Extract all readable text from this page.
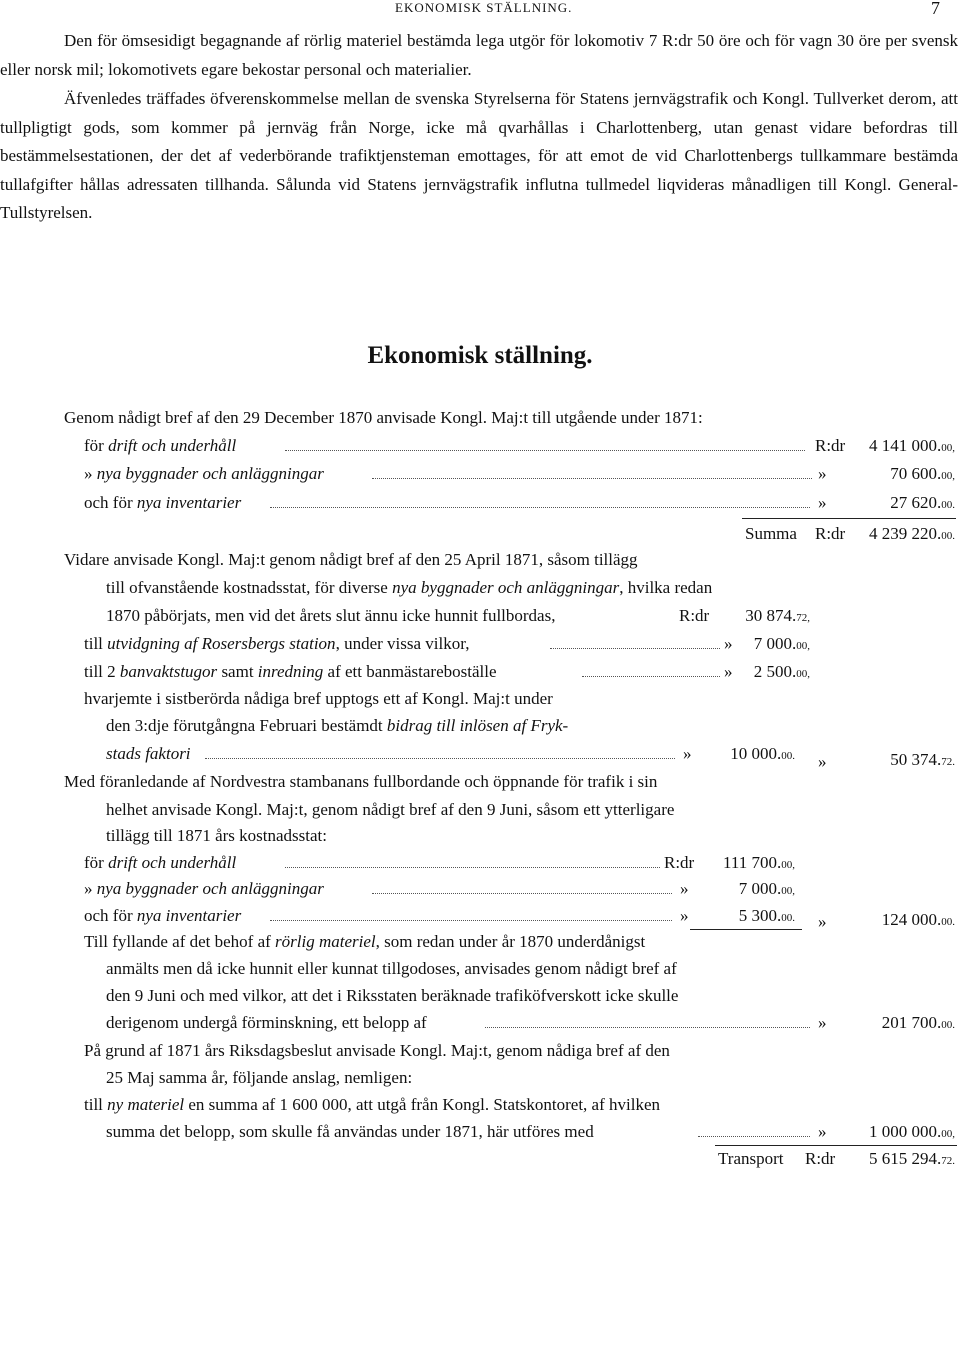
EKONOMISK STÄLLNING.	7

Den för ömsesidigt begagnande af rörlig materiel bestämda lega utgör för lokomotiv 7 R:dr 50 öre och för vagn 30 öre per svensk eller norsk mil; lokomotivets egare bekostar personal och materialier.

Äfvenledes träffades öfverenskommelse mellan de svenska Styrelserna för Statens jernvägstrafik och Kongl. Tullverket derom, att tullpligtigt gods, som kommer på jernväg från Norge, icke må qvarhållas i Charlottenberg, utan genast vidare befordras till bestämmelsestationen, der det af vederbörande trafiktjensteman emottages, för att emot de vid Charlottenbergs tullkammare bestämda tullafgifter hållas adressaten tillhanda. Sålunda vid Statens jernvägstrafik influtna tullmedel liqvideras månadligen till Kongl. General-Tullstyrelsen.

Ekonomisk ställning.
Genom nådigt bref af den 29 December 1870 anvisade Kongl. Maj:t till utgående under 1871:
för drift och underhåll	R:dr 4 141 000.00,
» nya byggnader och anläggningar	»	70 600.00,
och för nya inventarier	»	27 620.00.
Summa R:dr 4 239 220.00.
Vidare anvisade Kongl. Maj:t genom nådigt bref af den 25 April 1871, såsom tillägg
till ofvanstående kostnadsstat, för diverse nya byggnader och anläggningar, hvilka redan
1870 påbörjats, men vid det årets slut ännu icke hunnit fullbordas,	R:dr 30 874.72,
till utvidgning af Rosersbergs station, under vissa vilkor,	» 7 000.00,
till 2 banvaktstugor samt inredning af ett banmästareboställe	» 2 500.00,
hvarjemte i sistberörda nådiga bref upptogs ett af Kongl. Maj:t under
den 3:dje förutgångna Februari bestämdt bidrag till inlösen af Fryk-
stads faktori	» 10 000.00. »	50 374.72.
Med föranledande af Nordvestra stambanans fullbordande och öppnande för trafik i sin
helhet anvisade Kongl. Maj:t, genom nådigt bref af den 9 Juni, såsom ett ytterligare
tillägg till 1871 års kostnadsstat:
för drift och underhåll	R:dr 111 700.00,
» nya byggnader och anläggningar	»	7 000.00,
och för nya inventarier	»	5 300.00. »	124 000.00.
Till fyllande af det behof af rörlig materiel, som redan under år 1870 underdånigst
anmälts men då icke hunnit eller kunnat tillgodoses, anvisades genom nådigt bref af
den 9 Juni och med vilkor, att det i Riksstaten beräknade trafiköfverskott icke skulle
derigenom undergå förminskning, ett belopp af	»	201 700.00.
På grund af 1871 års Riksdagsbeslut anvisade Kongl. Maj:t, genom nådiga bref af den
25 Maj samma år, följande anslag, nemligen:
till ny materiel en summa af 1 600 000, att utgå från Kongl. Statskontoret, af hvilken
summa det belopp, som skulle få användas under 1871, här utföres med	»	1 000 000.00,
Transport R:dr 5 615 294.72.
